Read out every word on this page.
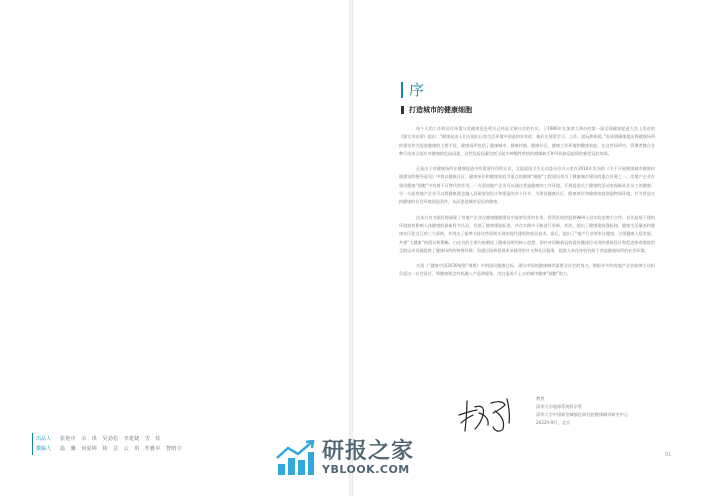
出品人	张艳中　余　琪　吴劲松　李建婕　雪　炫
撰稿人	温　馨　何夏婷　林　芸　云　玥　罗雅中　智晴宇
序
打造城市的健康细胞

每个人的工作和居住环境与其健康息息相关已经是全球社会的共识。于1986年在加拿大举办的第一届全球健康促进大会上发布的《渥太华宪章》提出：“健康是由人们在他们日常生活环境中创造和享有的：他们在那里学习、工作、游玩和相爱。”英章明确地提出将健康场所的建设作为促进健康的主要手段，健康场所包括了健康城市、健康村镇、健康社区、健康工作环境和健康家庭。在这些场所中，管理者整合各种行动来全面应对健康的危险因素，这些危险因素包括引起多种慢性疾病的烟煤缺乏和导致新冠疫情的新型冠状病毒。

正是出于对健康场所在健康促进中的重要作用的认识，全国爱国卫生运动委员会办公室在2016年发布的《关于开展健康城市健康村镇建设的指导意见》中将以健康社区、健康单位和健康家庭为重点的健康“细胞”工程建设列为了健康城市建设的重点任务之一。房地产企业在建设健康“细胞”中有着不可替代的作用。一方面房地产企业可以通过营造健康的工作环境，开展促进员工健康的活动来保障从业员工的健康；另一方面房地产企业可以将健康理念融入居屋规划设计和建造的各个环节，为建设健康社区、健康单位和健康家庭创造物质环境，并为营造支持健康的社会环境创造条件，从而促进城市居民的健康。

这本白皮书很好地展现了房地产企业在健康细胞建设中能够发挥的作用。得利发展控股和Well人居实验室携手合作，首先是基于建筑环境如何影响人体健康的最新科学认识，发展了健康建筑标准，并在实践中不断进行更新。其次，提出了健康建筑强标知、健康生活量表和健康社区促交互的三大原则，并列出了能够支持这些原则实现的现代建筑和家居技术。最后，提出了“地产行业要来注健康，引领健康人居发展，共建“大健康”的倡议和策略。白皮书的主要内容阐述了健康场所的核心思想，即针对切断新冠病毒传播途径采用的建筑设计和促进体育锻炼的全龄运动设施提供了健康场所的物理环境；而通过园林景观来承载邻里社交和社区服务，提供人本化体验有助于营造健康场所的社会环境。

实现《“健康中国2030规划”纲要》中的国民健康目标，建设中国的健康城市需要全社会的努力。期盼更多的房地产企业能够主动担负起这一社会责任，将健康理念有机融入产品和服务，为打造成千上万的城市健康“细胞”助力。

教授
清华大学地球系统科学系
清华大学中国新型城镇化研究院健康城市研究中心
2022年9月，北京
01
研报之家
YBLOOK.COM
